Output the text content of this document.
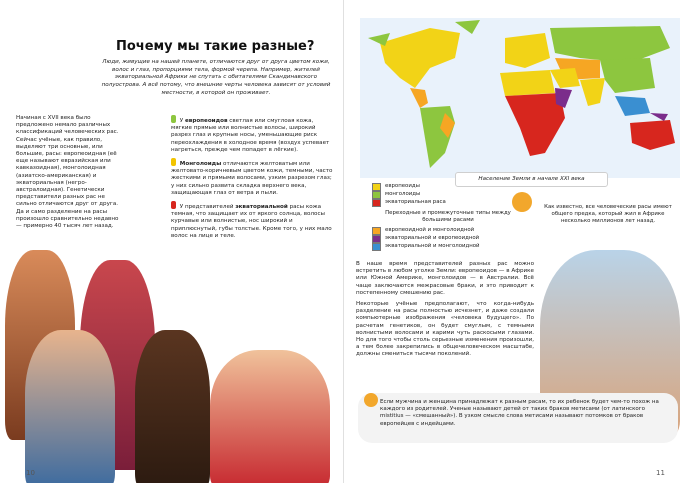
Почему мы такие разные?
Люди, живущие на нашей планете, отличаются друг от друга цветом кожи, волос и глаз, пропорциями тела, формой черепа. Например, жителей экваториальной Африки не спутать с обитателями Скандинавского полуострова. А всё потому, что внешние черты человека зависят от условий местности, в которой он проживает.
Начиная с XVII века было предложено немало различных классификаций человеческих рас. Сейчас учёные, как правило, выделяют три основные, или большие, расы: европеоидная (её еще называют евразийская или кавказоидная), монголоидная (азиатско-американская) и экваториальная (негро-австралоидная). Генетически представители разных рас не сильно отличаются друг от друга. Да и само разделение на расы произошло сравнительно недавно — примерно 40 тысяч лет назад.
У европеоидов светлая или смуглоая кожа, мягкие прямые или волнистые волосы, широкий разрез глаз и крупные носы, уменьшающие риск переохлаждения в холодное время (воздух успевает нагреться, прежде чем попадет в лёгкие).
Монголоиды отличаются желтоватым или желтовато-коричневым цветом кожи, темными, часто жесткими и прямыми волосами, узким разрезом глаз; у них сильно развита складка верхнего века, защищающая глаз от ветра и пыли.
У представителей экваториальной расы кожа темная, что защищает их от яркого солнца, волосы курчавые или волнистые, нос широкий и приплюснутый, губы толстые. Кроме того, у них мало волос на лице и теле.
10	11
Население Земли в начале XXI века
европеоиды
монголоиды
экваториальная раса
Переходные и промежуточные типы между большими расами
европеоидной и монголоидной
экваториальной и европеоидной
экваториальной и монголоидной
Как известно, все человеческие расы имеют общего предка, который жил в Африке несколько миллионов лет назад.

В наше время представителей разных рас можно встретить в любом уголке Земли: европеоидов — в Африке или Южной Америке, монголоидов — в Австралии. Всё чаще заключаются межрасовые браки, и это приводит к постепенному смешению рас.

Некоторые учёные предполагают, что когда-нибудь разделение на расы полностью исчезнет, и даже создали компьютерные изображения «человека будущего». По расчетам генетиков, он будет смуглым, с темными волнистыми волосами и карими чуть раскосыми глазами. Но для того чтобы столь серьезные изменения произошли, а тем более закрепились в общечеловеческом масштабе, должны смениться тысячи поколений.

Если мужчина и женщина принадлежат к разным расам, то их ребенок будет чем-то похож на каждого из родителей. Ученые называют детей от таких браков метисами (от латинского mistitius — «смешанный»). В узком смысле слова метисами называют потомков от браков европейцев с индейцами.
